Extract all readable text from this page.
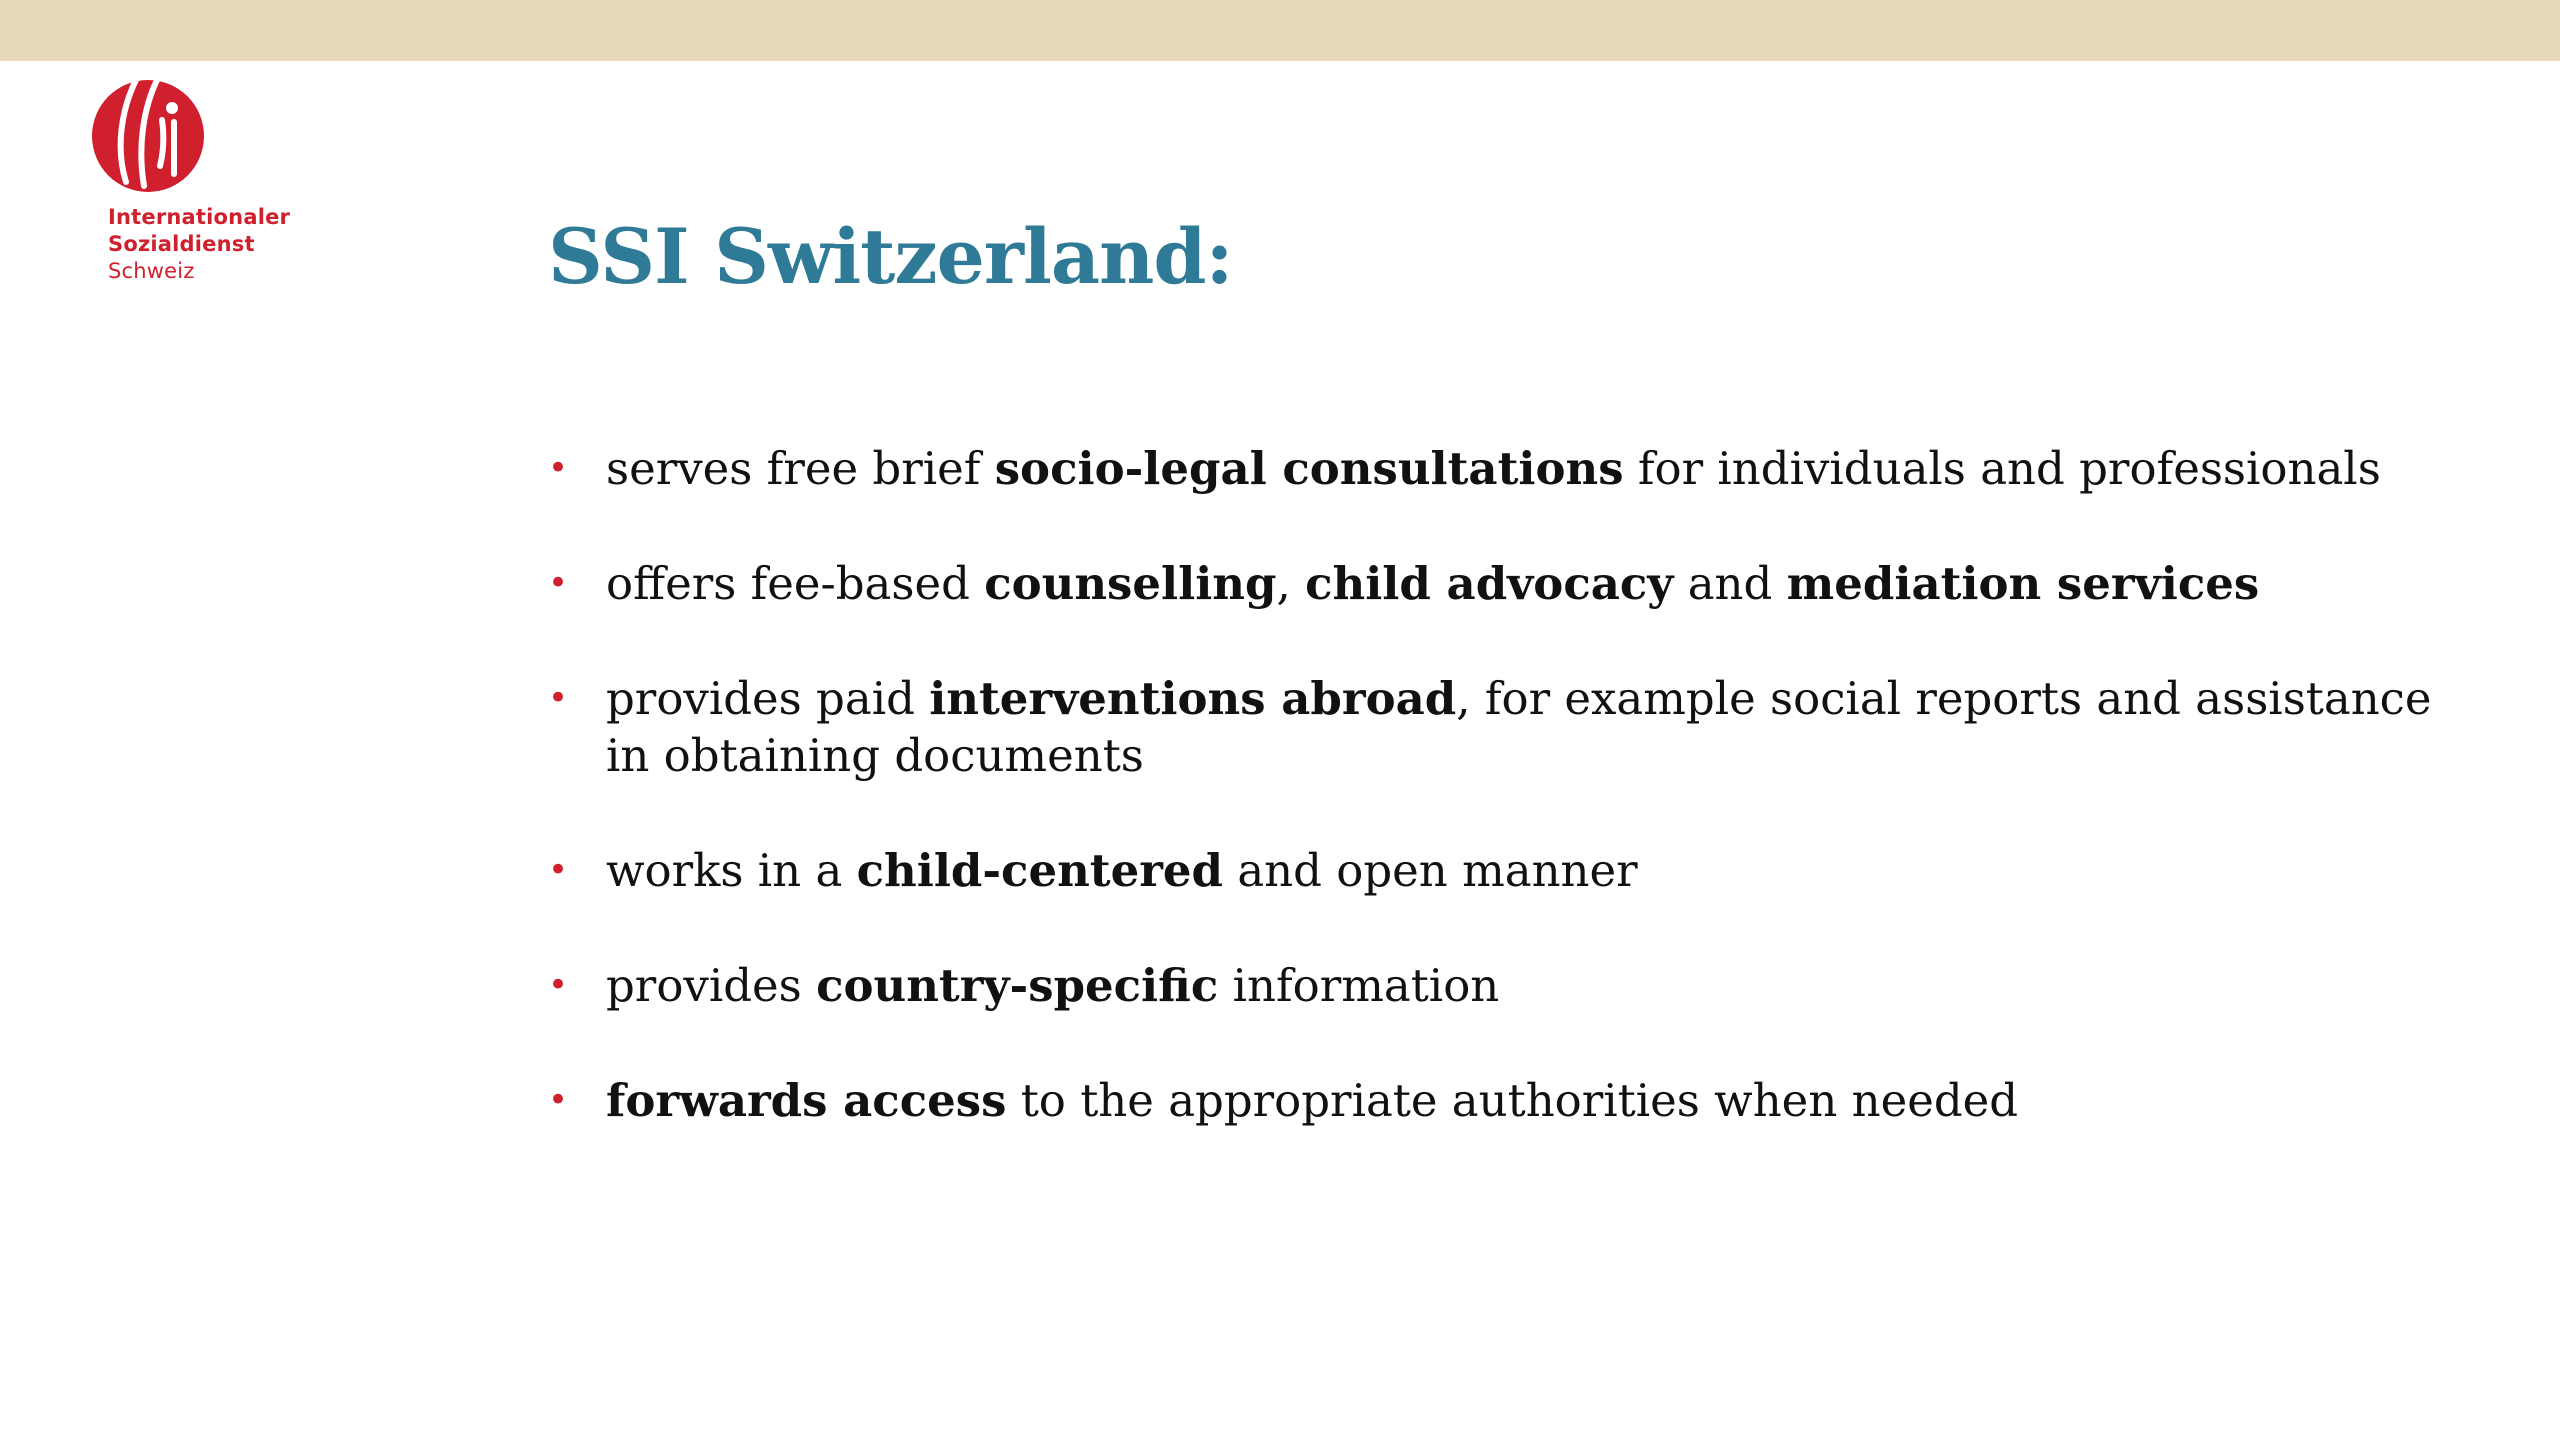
Internationaler
Sozialdienst
Schweiz	SSI Switzerland:
• serves free brief socio-legal consultations for individuals and professionals
• offers fee-based counselling, child advocacy and mediation services
• provides paid interventions abroad, for example social reports and assistance in obtaining documents
• works in a child-centered and open manner
• provides country-specific information
• forwards access to the appropriate authorities when needed
